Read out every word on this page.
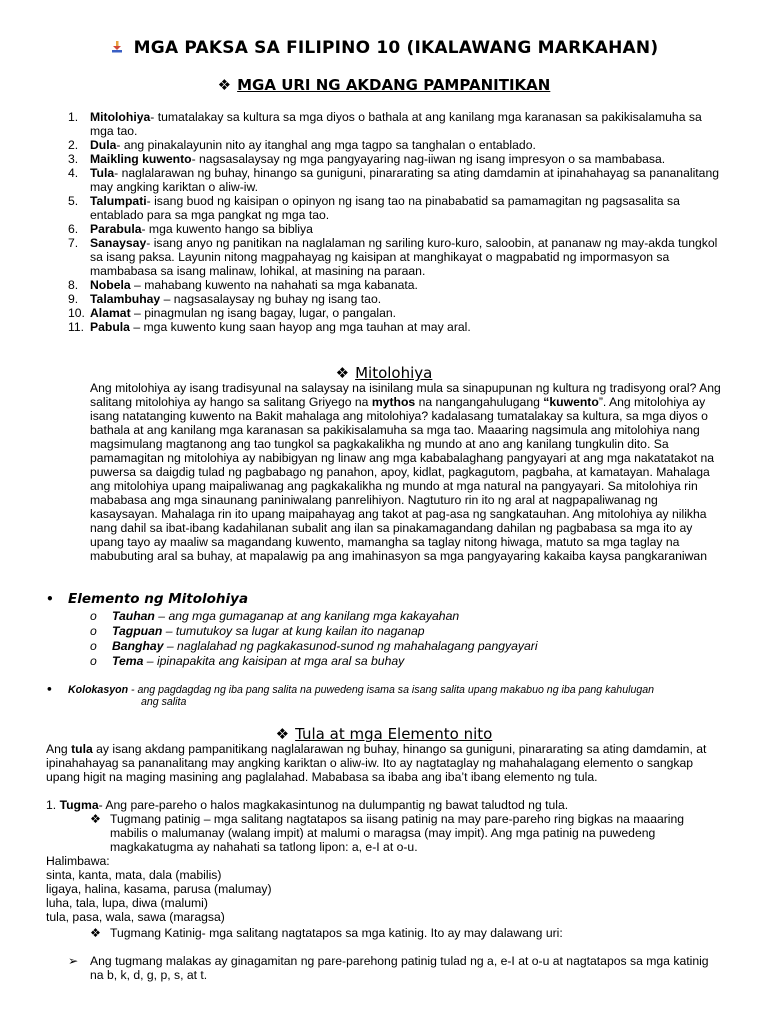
MGA PAKSA SA FILIPINO 10 (IKALAWANG MARKAHAN)
❖ MGA URI NG AKDANG PAMPANITIKAN
1. Mitolohiya- tumatalakay sa kultura sa mga diyos o bathala at ang kanilang mga karanasan sa pakikisalamuha sa mga tao.
2. Dula- ang pinakalayunin nito ay itanghal ang mga tagpo sa tanghalan o entablado.
3. Maikling kuwento- nagsasalaysay ng mga pangyayaring nag-iiwan ng isang impresyon o sa mambabasa.
4. Tula- naglalarawan ng buhay, hinango sa guniguni, pinararating sa ating damdamin at ipinahahayag sa pananalitang may angking kariktan o aliw-iw.
5. Talumpati- isang buod ng kaisipan o opinyon ng isang tao na pinababatid sa pamamagitan ng pagsasalita sa entablado para sa mga pangkat ng mga tao.
6. Parabula- mga kuwento hango sa bibliya
7. Sanaysay- isang anyo ng panitikan na naglalaman ng sariling kuro-kuro, saloobin, at pananaw ng may-akda tungkol sa isang paksa. Layunin nitong magpahayag ng kaisipan at manghikayat o magpabatid ng impormasyon sa mambabasa sa isang malinaw, lohikal, at masining na paraan.
8. Nobela – mahabang kuwento na nahahati sa mga kabanata.
9. Talambuhay – nagsasalaysay ng buhay ng isang tao.
10. Alamat – pinagmulan ng isang bagay, lugar, o pangalan.
11. Pabula – mga kuwento kung saan hayop ang mga tauhan at may aral.
❖ Mitolohiya
Ang mitolohiya ay isang tradisyunal na salaysay na isinilang mula sa sinapupunan ng kultura ng tradisyong oral? Ang salitang mitolohiya ay hango sa salitang Griyego na mythos na nangangahulugang “kuwento”. Ang mitolohiya ay isang natatanging kuwento na Bakit mahalaga ang mitolohiya? kadalasang tumatalakay sa kultura, sa mga diyos o bathala at ang kanilang mga karanasan sa pakikisalamuha sa mga tao. Maaaring nagsimula ang mitolohiya nang magsimulang magtanong ang tao tungkol sa pagkakalikha ng mundo at ano ang kanilang tungkulin dito. Sa pamamagitan ng mitolohiya ay nabibigyan ng linaw ang mga kababalaghang pangyayari at ang mga nakatatakot na puwersa sa daigdig tulad ng pagbabago ng panahon, apoy, kidlat, pagkagutom, pagbaha, at kamatayan. Mahalaga ang mitolohiya upang maipaliwanag ang pagkakalikha ng mundo at mga natural na pangyayari. Sa mitolohiya rin mababasa ang mga sinaunang paniniwalang panrelihiyon. Nagtuturo rin ito ng aral at nagpapaliwanag ng kasaysayan. Mahalaga rin ito upang maipahayag ang takot at pag-asa ng sangkatauhan. Ang mitolohiya ay nilikha nang dahil sa ibat-ibang kadahilanan subalit ang ilan sa pinakamagandang dahilan ng pagbabasa sa mga ito ay upang tayo ay maaliw sa magandang kuwento, mamangha sa taglay nitong hiwaga, matuto sa mga taglay na mabubuting aral sa buhay, at mapalawig pa ang imahinasyon sa mga pangyayaring kakaiba kaysa pangkaraniwan
• Elemento ng Mitolohiya
o Tauhan – ang mga gumaganap at ang kanilang mga kakayahan
o Tagpuan – tumutukoy sa lugar at kung kailan ito naganap
o Banghay – naglalahad ng pagkakasunod-sunod ng mahahalagang pangyayari
o Tema – ipinapakita ang kaisipan at mga aral sa buhay
• Kolokasyon - ang pagdagdag ng iba pang salita na puwedeng isama sa isang salita upang makabuo ng iba pang kahulugan
ang salita
❖ Tula at mga Elemento nito
Ang tula ay isang akdang pampanitikang naglalarawan ng buhay, hinango sa guniguni, pinararating sa ating damdamin, at ipinahahayag sa pananalitang may angking kariktan o aliw-iw. Ito ay nagtataglay ng mahahalagang elemento o sangkap upang higit na maging masining ang paglalahad. Mababasa sa ibaba ang iba’t ibang elemento ng tula.
1. Tugma- Ang pare-pareho o halos magkakasintunog na dulumpantig ng bawat taludtod ng tula.
❖ Tugmang patinig – mga salitang nagtatapos sa iisang patinig na may pare-pareho ring bigkas na maaaring
mabilis o malumanay (walang impit) at malumi o maragsa (may impit). Ang mga patinig na puwedeng
magkakatugma ay nahahati sa tatlong lipon: a, e-I at o-u.
Halimbawa:
sinta, kanta, mata, dala (mabilis)
ligaya, halina, kasama, parusa (malumay)
luha, tala, lupa, diwa (malumi)
tula, pasa, wala, sawa (maragsa)
❖ Tugmang Katinig- mga salitang nagtatapos sa mga katinig. Ito ay may dalawang uri:
➢ Ang tugmang malakas ay ginagamitan ng pare-parehong patinig tulad ng a, e-I at o-u at nagtatapos sa mga katinig
na b, k, d, g, p, s, at t.
